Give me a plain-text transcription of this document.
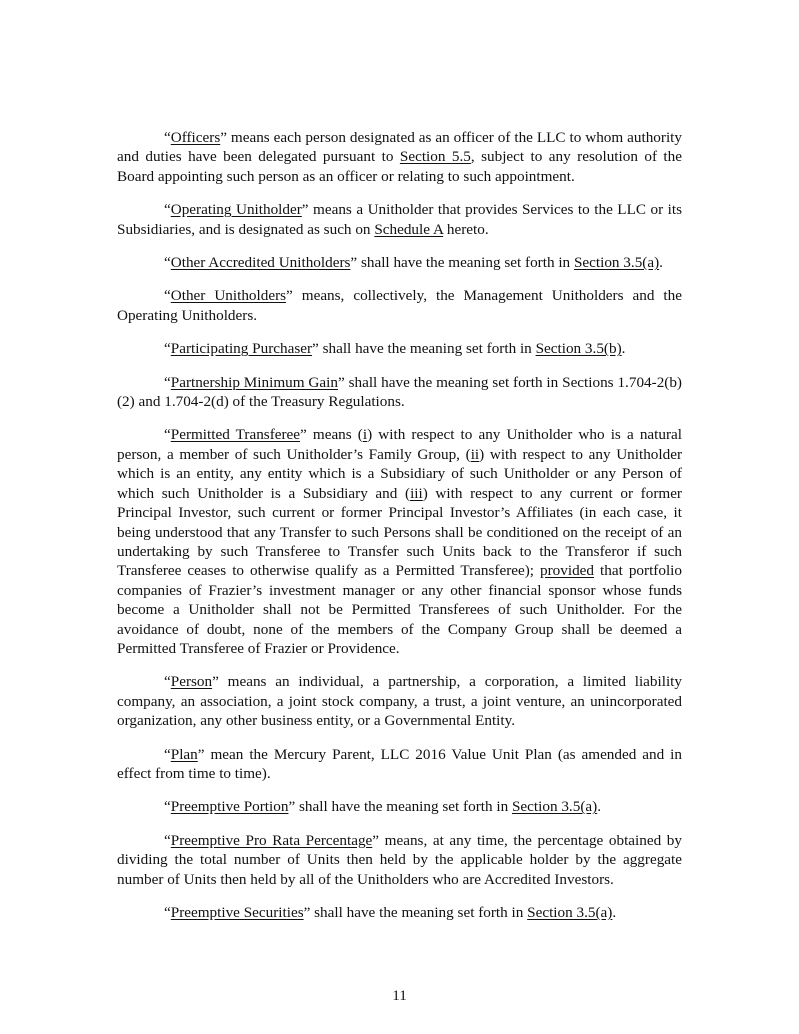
“Officers” means each person designated as an officer of the LLC to whom authority and duties have been delegated pursuant to Section 5.5, subject to any resolution of the Board appointing such person as an officer or relating to such appointment.

“Operating Unitholder” means a Unitholder that provides Services to the LLC or its Subsidiaries, and is designated as such on Schedule A hereto.

“Other Accredited Unitholders” shall have the meaning set forth in Section 3.5(a).

“Other Unitholders” means, collectively, the Management Unitholders and the Operating Unitholders.

“Participating Purchaser” shall have the meaning set forth in Section 3.5(b).

“Partnership Minimum Gain” shall have the meaning set forth in Sections 1.704-2(b)(2) and 1.704-2(d) of the Treasury Regulations.

“Permitted Transferee” means (i) with respect to any Unitholder who is a natural person, a member of such Unitholder’s Family Group, (ii) with respect to any Unitholder which is an entity, any entity which is a Subsidiary of such Unitholder or any Person of which such Unitholder is a Subsidiary and (iii) with respect to any current or former Principal Investor, such current or former Principal Investor’s Affiliates (in each case, it being understood that any Transfer to such Persons shall be conditioned on the receipt of an undertaking by such Transferee to Transfer such Units back to the Transferor if such Transferee ceases to otherwise qualify as a Permitted Transferee); provided that portfolio companies of Frazier’s investment manager or any other financial sponsor whose funds become a Unitholder shall not be Permitted Transferees of such Unitholder. For the avoidance of doubt, none of the members of the Company Group shall be deemed a Permitted Transferee of Frazier or Providence.

“Person” means an individual, a partnership, a corporation, a limited liability company, an association, a joint stock company, a trust, a joint venture, an unincorporated organization, any other business entity, or a Governmental Entity.

“Plan” mean the Mercury Parent, LLC 2016 Value Unit Plan (as amended and in effect from time to time).

“Preemptive Portion” shall have the meaning set forth in Section 3.5(a).

“Preemptive Pro Rata Percentage” means, at any time, the percentage obtained by dividing the total number of Units then held by the applicable holder by the aggregate number of Units then held by all of the Unitholders who are Accredited Investors.

“Preemptive Securities” shall have the meaning set forth in Section 3.5(a).

11
